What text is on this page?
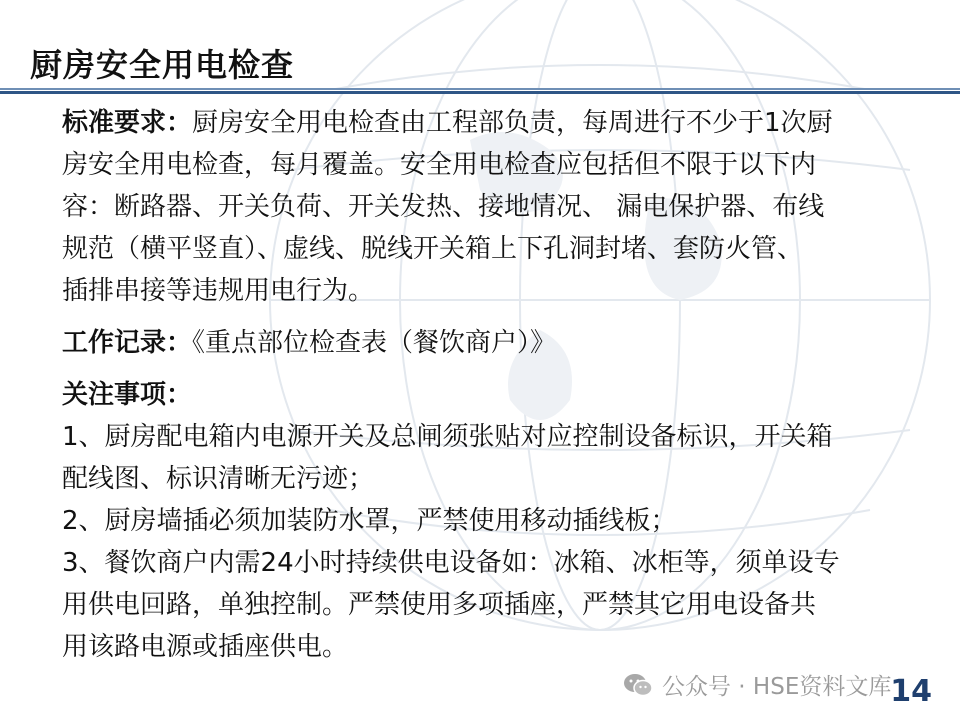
厨房安全用电检查

标准要求：厨房安全用电检查由工程部负责，每周进行不少于1次厨

房安全用电检查，每月覆盖。安全用电检查应包括但不限于以下内

容：断路器、开关负荷、开关发热、接地情况、 漏电保护器、布线

规范（横平竖直）、虚线、脱线开关箱上下孔洞封堵、套防火管、

插排串接等违规用电行为。

工作记录：《重点部位检查表（餐饮商户）》

关注事项：

1、厨房配电箱内电源开关及总闸须张贴对应控制设备标识，开关箱

配线图、标识清晰无污迹；

2、厨房墙插必须加装防水罩，严禁使用移动插线板；

3、餐饮商户内需24小时持续供电设备如：冰箱、冰柜等，须单设专

用供电回路，单独控制。严禁使用多项插座，严禁其它用电设备共

用该路电源或插座供电。

公众号 · HSE资料文库
14
